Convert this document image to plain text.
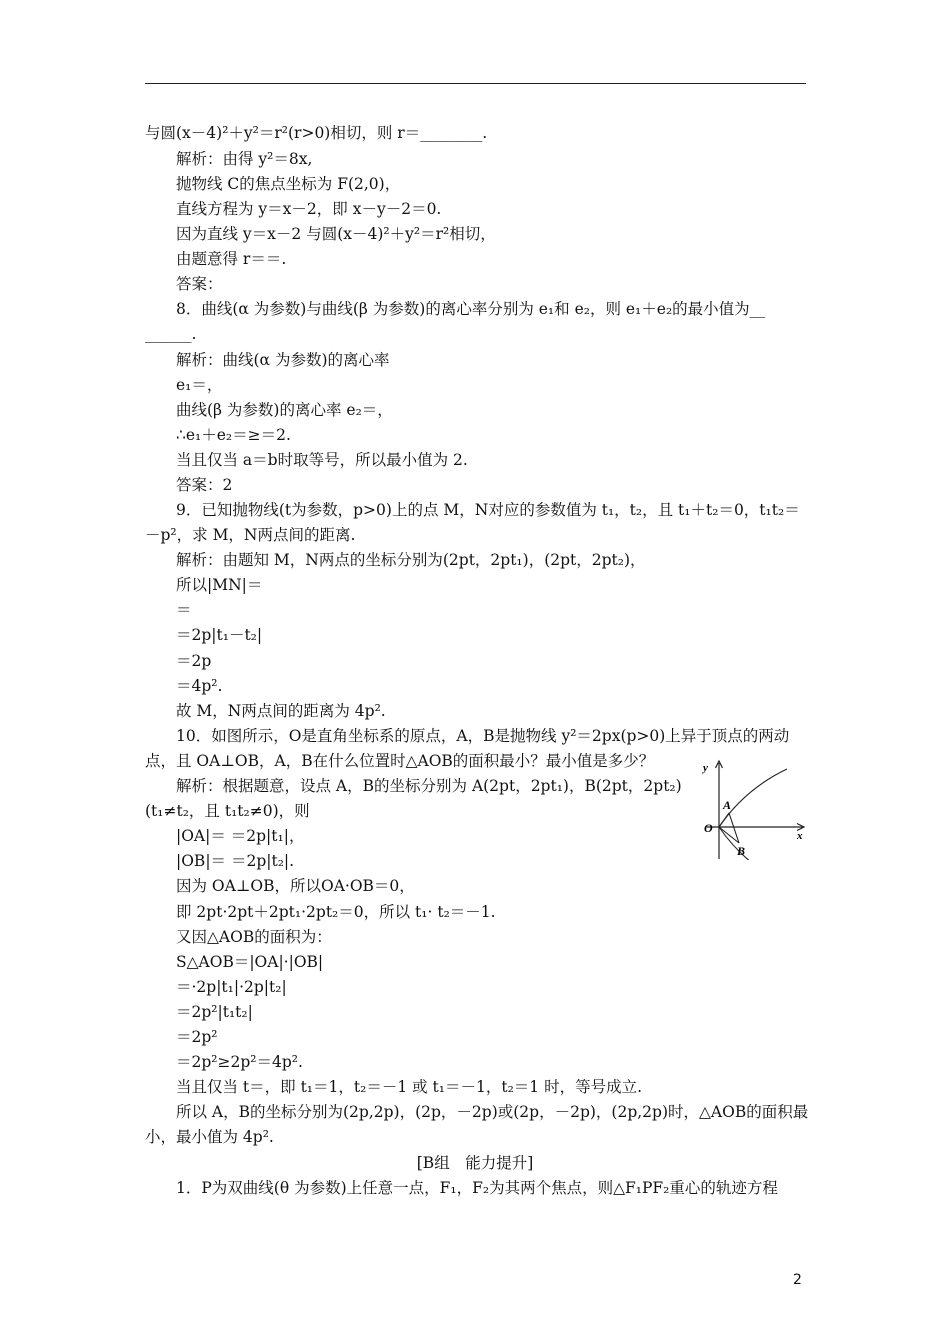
与圆(x－4)²＋y²＝r²(r>0)相切，则 r＝________.
解析：由得 y²＝8x,
抛物线 C的焦点坐标为 F(2,0)，
直线方程为 y＝x－2，即 x－y－2＝0.
因为直线 y＝x－2 与圆(x－4)²＋y²＝r²相切，
由题意得 r＝＝.
答案：
8．曲线(α 为参数)与曲线(β 为参数)的离心率分别为 e₁和 e₂，则 e₁＋e₂的最小值为__
______.
解析：曲线(α 为参数)的离心率
e₁＝，
曲线(β 为参数)的离心率 e₂＝，
∴e₁＋e₂＝≥＝2.
当且仅当 a＝b时取等号，所以最小值为 2.
答案：2
9．已知抛物线(t为参数，p>0)上的点 M，N对应的参数值为 t₁，t₂，且 t₁＋t₂＝0，t₁t₂＝
－p²，求 M，N两点间的距离.
解析：由题知 M，N两点的坐标分别为(2pt，2pt₁)，(2pt，2pt₂)，
所以|MN|＝
＝
＝2p|t₁－t₂|
＝2p
＝4p².
故 M，N两点间的距离为 4p².
10．如图所示，O是直角坐标系的原点，A，B是抛物线 y²＝2px(p>0)上异于顶点的两动
点，且 OA⊥OB，A，B在什么位置时△AOB的面积最小？最小值是多少？
解析：根据题意，设点 A，B的坐标分别为 A(2pt，2pt₁)，B(2pt，2pt₂)
(t₁≠t₂，且 t₁t₂≠0)，则
|OA|＝ ＝2p|t₁|，
|OB|＝ ＝2p|t₂|.
因为 OA⊥OB，所以OA·OB＝0，
即 2pt·2pt＋2pt₁·2pt₂＝0，所以 t₁· t₂＝－1.
又因△AOB的面积为：
S△AOB＝|OA|·|OB|
＝·2p|t₁|·2p|t₂|
＝2p²|t₁t₂|
＝2p²
＝2p²≥2p²＝4p².
当且仅当 t＝，即 t₁＝1，t₂＝－1 或 t₁＝－1，t₂＝1 时，等号成立.
所以 A，B的坐标分别为(2p,2p)，(2p，－2p)或(2p，－2p)，(2p,2p)时，△AOB的面积最
小，最小值为 4p².
[B组　能力提升]
1．P为双曲线(θ 为参数)上任意一点，F₁，F₂为其两个焦点，则△F₁PF₂重心的轨迹方程
y
x
O
A
B
2
